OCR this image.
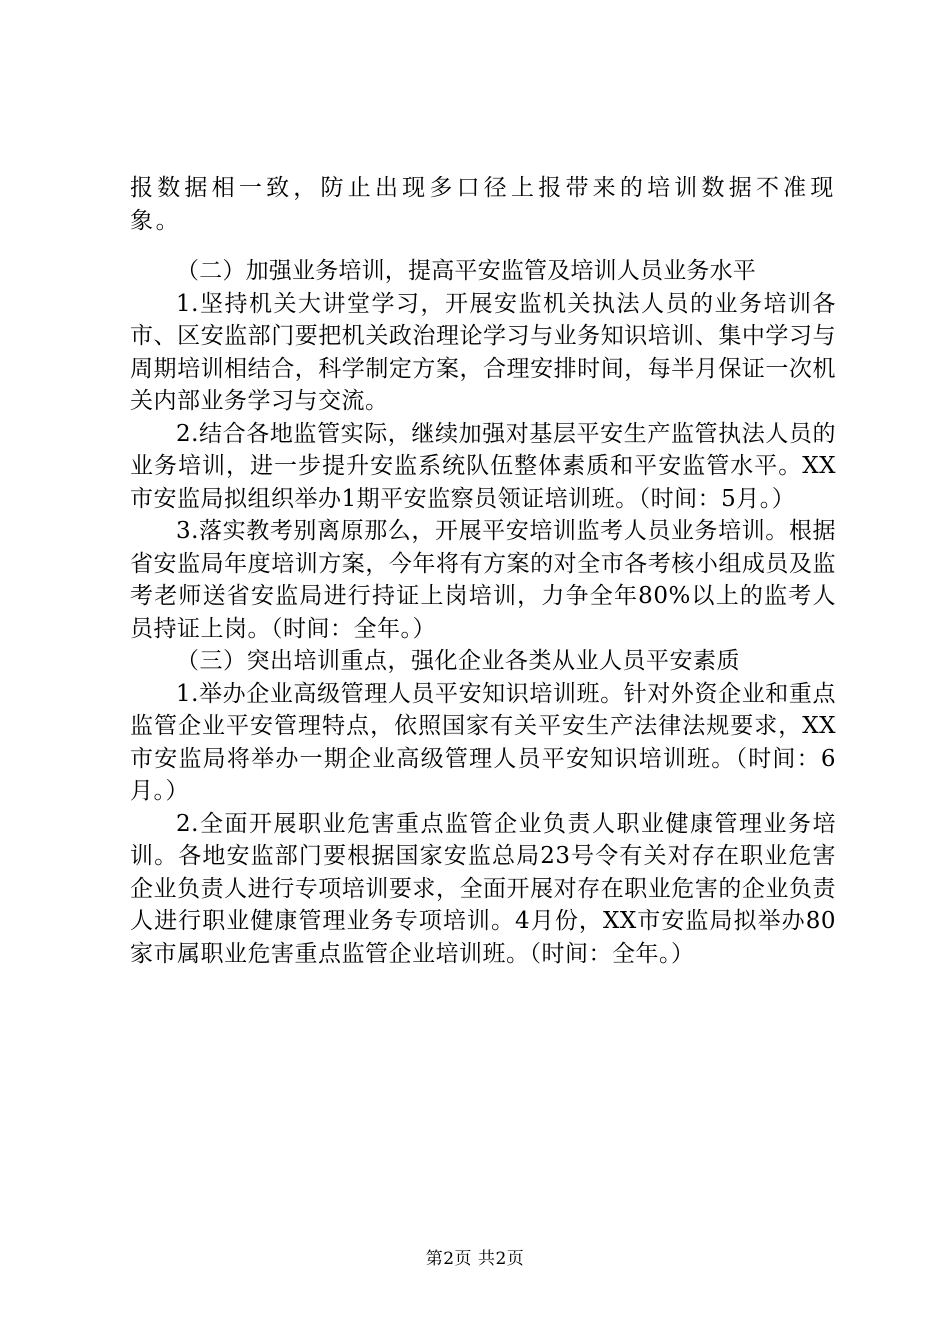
报数据相一致，防止出现多口径上报带来的培训数据不准现象。

（二）加强业务培训，提高平安监管及培训人员业务水平

1.坚持机关大讲堂学习，开展安监机关执法人员的业务培训各市、区安监部门要把机关政治理论学习与业务知识培训、集中学习与周期培训相结合，科学制定方案，合理安排时间，每半月保证一次机关内部业务学习与交流。

2.结合各地监管实际，继续加强对基层平安生产监管执法人员的业务培训，进一步提升安监系统队伍整体素质和平安监管水平。XX市安监局拟组织举办1期平安监察员领证培训班。（时间：5月。）

3.落实教考别离原那么，开展平安培训监考人员业务培训。根据省安监局年度培训方案，今年将有方案的对全市各考核小组成员及监考老师送省安监局进行持证上岗培训，力争全年80%以上的监考人员持证上岗。（时间：全年。）

（三）突出培训重点，强化企业各类从业人员平安素质

1.举办企业高级管理人员平安知识培训班。针对外资企业和重点监管企业平安管理特点，依照国家有关平安生产法律法规要求，XX市安监局将举办一期企业高级管理人员平安知识培训班。（时间：6月。）

2.全面开展职业危害重点监管企业负责人职业健康管理业务培训。各地安监部门要根据国家安监总局23号令有关对存在职业危害企业负责人进行专项培训要求，全面开展对存在职业危害的企业负责人进行职业健康管理业务专项培训。4月份，XX市安监局拟举办80家市属职业危害重点监管企业培训班。（时间：全年。）

第2页 共2页
